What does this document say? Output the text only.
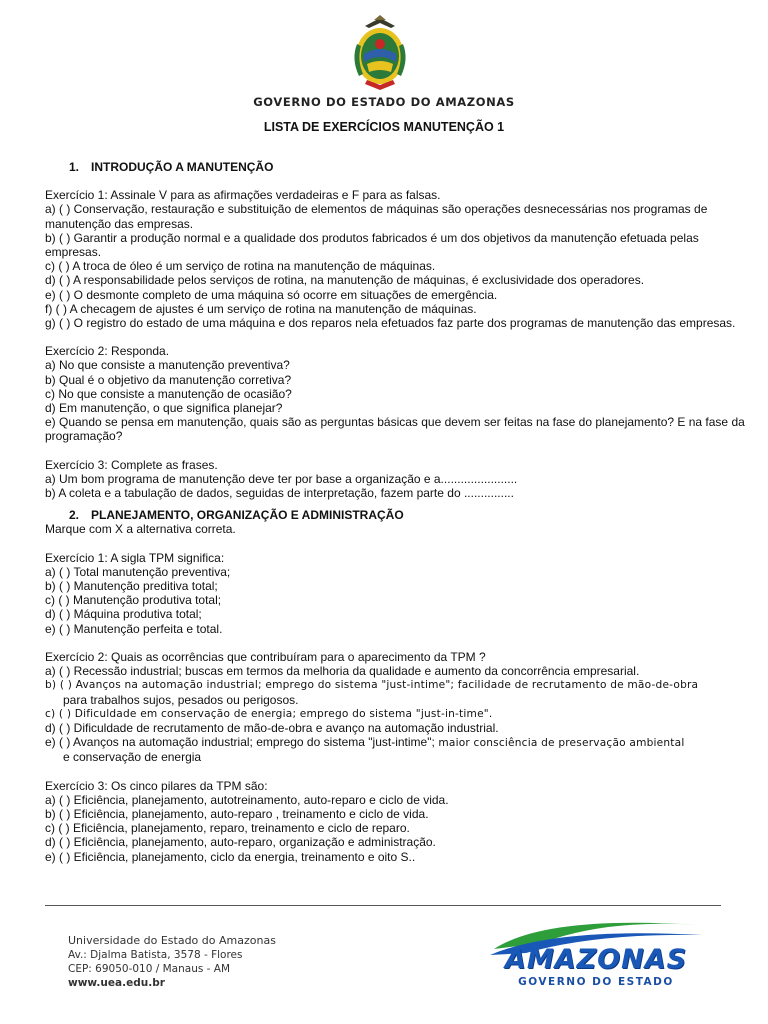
GOVERNO DO ESTADO DO AMAZONAS
LISTA DE EXERCÍCIOS MANUTENÇÃO 1

1. INTRODUÇÃO A MANUTENÇÃO

Exercício 1: Assinale V para as afirmações verdadeiras e F para as falsas.

a) ( ) Conservação, restauração e substituição de elementos de máquinas são operações desnecessárias nos programas de manutenção das empresas.

b) ( ) Garantir a produção normal e a qualidade dos produtos fabricados é um dos objetivos da manutenção efetuada pelas empresas.

c) ( ) A troca de óleo é um serviço de rotina na manutenção de máquinas.

d) ( ) A responsabilidade pelos serviços de rotina, na manutenção de máquinas, é exclusividade dos operadores.

e) ( ) O desmonte completo de uma máquina só ocorre em situações de emergência.

f) ( ) A checagem de ajustes é um serviço de rotina na manutenção de máquinas.

g) ( ) O registro do estado de uma máquina e dos reparos nela efetuados faz parte dos programas de manutenção das empresas.

Exercício 2: Responda.

a) No que consiste a manutenção preventiva?

b) Qual é o objetivo da manutenção corretiva?

c) No que consiste a manutenção de ocasião?

d) Em manutenção, o que significa planejar?

e) Quando se pensa em manutenção, quais são as perguntas básicas que devem ser feitas na fase do planejamento? E na fase da programação?

Exercício 3: Complete as frases.

a) Um bom programa de manutenção deve ter por base a organização e a.......................

b) A coleta e a tabulação de dados, seguidas de interpretação, fazem parte do ...............

2. PLANEJAMENTO, ORGANIZAÇÃO E ADMINISTRAÇÃO

Marque com X a alternativa correta.

Exercício 1: A sigla TPM significa:

a) ( ) Total manutenção preventiva;

b) ( ) Manutenção preditiva total;

c) ( ) Manutenção produtiva total;

d) ( ) Máquina produtiva total;

e) ( ) Manutenção perfeita e total.

Exercício 2: Quais as ocorrências que contribuíram para o aparecimento da TPM ?

a) ( ) Recessão industrial; buscas em termos da melhoria da qualidade e aumento da concorrência empresarial.

b) ( ) Avanços na automação industrial; emprego do sistema "just-intime"; facilidade de recrutamento de mão-de-obra

para trabalhos sujos, pesados ou perigosos.

c) ( ) Dificuldade em conservação de energia; emprego do sistema "just-in-time".

d) ( ) Dificuldade de recrutamento de mão-de-obra e avanço na automação industrial.

e) ( ) Avanços na automação industrial; emprego do sistema "just-intime"; maior consciência de preservação ambiental

e conservação de energia

Exercício 3: Os cinco pilares da TPM são:

a) ( ) Eficiência, planejamento, autotreinamento, auto-reparo e ciclo de vida.

b) ( ) Eficiência, planejamento, auto-reparo , treinamento e ciclo de vida.

c) ( ) Eficiência, planejamento, reparo, treinamento e ciclo de reparo.

d) ( ) Eficiência, planejamento, auto-reparo, organização e administração.

e) ( ) Eficiência, planejamento, ciclo da energia, treinamento e oito S..

Universidade do Estado do Amazonas
Av.: Djalma Batista, 3578 - Flores
CEP: 69050-010 / Manaus - AM
www.uea.edu.br
AMAZONAS
GOVERNO DO ESTADO
